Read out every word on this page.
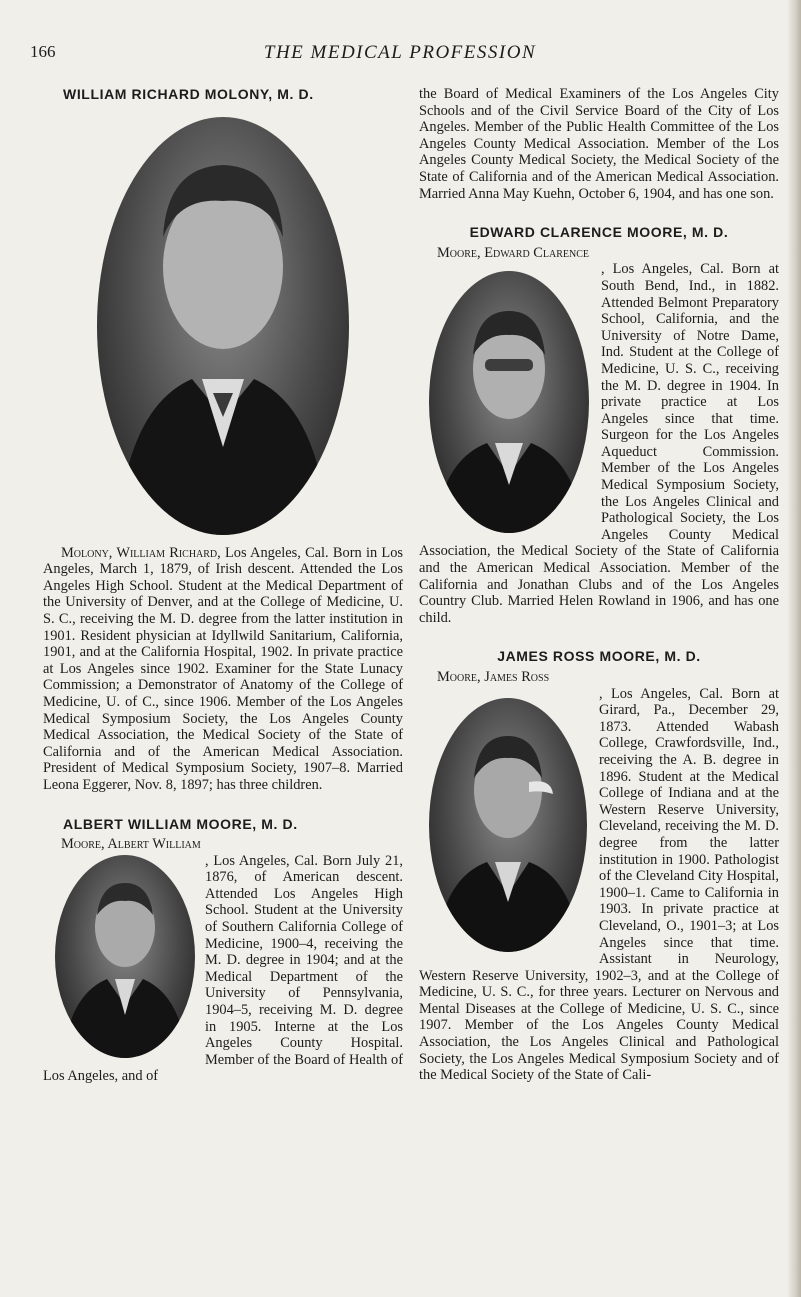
166	THE MEDICAL PROFESSION
WILLIAM RICHARD MOLONY, M. D.

Molony, William Richard, Los Angeles, Cal. Born in Los Angeles, March 1, 1879, of Irish descent. Attended the Los Angeles High School. Student at the Medical Department of the University of Denver, and at the College of Medicine, U. S. C., receiving the M. D. degree from the latter institution in 1901. Resident physician at Idyllwild Sanitarium, California, 1901, and at the California Hospital, 1902. In private practice at Los Angeles since 1902. Examiner for the State Lunacy Commission; a Demonstrator of Anatomy of the College of Medicine, U. of C., since 1906. Member of the Los Angeles Medical Symposium Society, the Los Angeles County Medical Association, the Medical Society of the State of California and of the American Medical Association. President of Medical Symposium Society, 1907–8. Married Leona Eggerer, Nov. 8, 1897; has three children.

ALBERT WILLIAM MOORE, M. D.

Moore, Albert William

, Los Angeles, Cal. Born July 21, 1876, of American descent. Attended Los Angeles High School. Student at the University of Southern California College of Medicine, 1900–4, receiving the M. D. degree in 1904; and at the Medical Department of the University of Pennsylvania, 1904–5, receiving M. D. degree in 1905. Interne at the Los Angeles County Hospital. Member of the Board of Health of Los Angeles, and of

the Board of Medical Examiners of the Los Angeles City Schools and of the Civil Service Board of the City of Los Angeles. Member of the Public Health Committee of the Los Angeles County Medical Association. Member of the Los Angeles County Medical Society, the Medical Society of the State of California and of the American Medical Association. Married Anna May Kuehn, October 6, 1904, and has one son.

EDWARD CLARENCE MOORE, M. D.

Moore, Edward Clarence

, Los Angeles, Cal. Born at South Bend, Ind., in 1882. Attended Belmont Preparatory School, California, and the University of Notre Dame, Ind. Student at the College of Medicine, U. S. C., receiving the M. D. degree in 1904. In private practice at Los Angeles since that time. Surgeon for the Los Angeles Aqueduct Commission. Member of the Los Angeles Medical Symposium Society, the Los Angeles Clinical and Pathological Society, the Los Angeles County Medical Association, the Medical Society of the State of California and the American Medical Association. Member of the California and Jonathan Clubs and of the Los Angeles Country Club. Married Helen Rowland in 1906, and has one child.

JAMES ROSS MOORE, M. D.

Moore, James Ross

, Los Angeles, Cal. Born at Girard, Pa., December 29, 1873. Attended Wabash College, Crawfordsville, Ind., receiving the A. B. degree in 1896. Student at the Medical College of Indiana and at the Western Reserve University, Cleveland, receiving the M. D. degree from the latter institution in 1900. Pathologist of the Cleveland City Hospital, 1900–1. Came to California in 1903. In private practice at Cleveland, O., 1901–3; at Los Angeles since that time. Assistant in Neurology, Western Reserve University, 1902–3, and at the College of Medicine, U. S. C., for three years. Lecturer on Nervous and Mental Diseases at the College of Medicine, U. S. C., since 1907. Member of the Los Angeles County Medical Association, the Los Angeles Clinical and Pathological Society, the Los Angeles Medical Symposium Society and of the Medical Society of the State of Cali-
